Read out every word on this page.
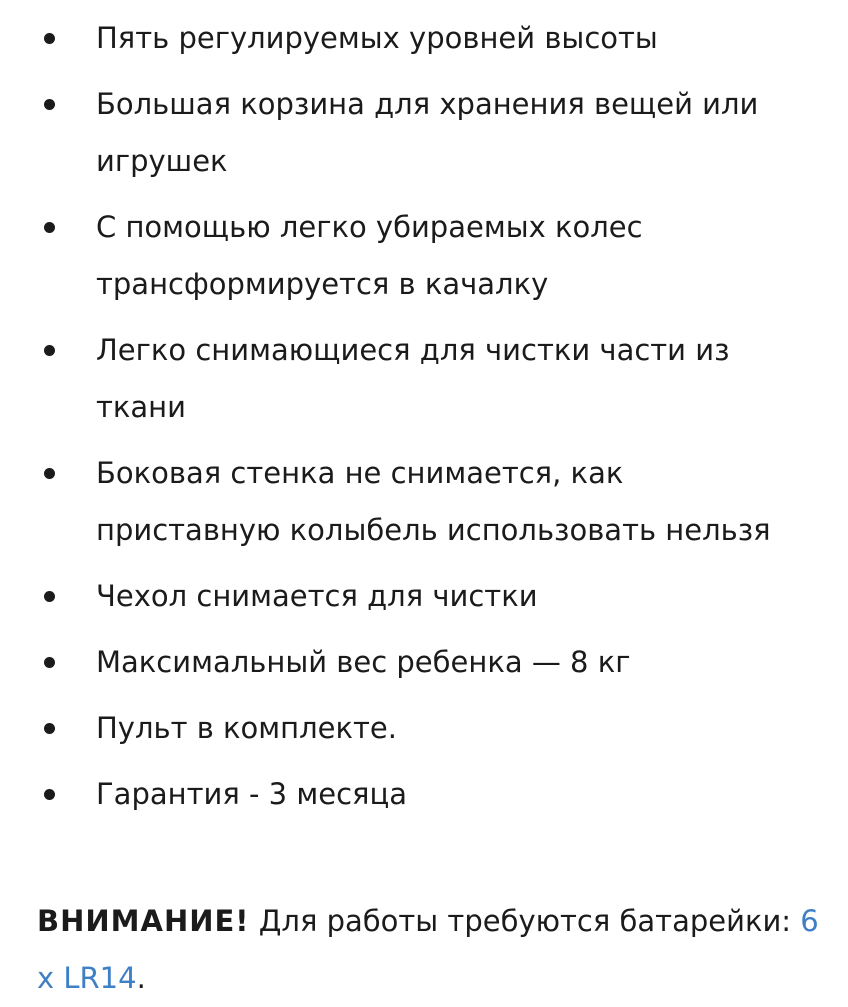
Пять регулируемых уровней высоты
Большая корзина для хранения вещей или игрушек
С помощью легко убираемых колес трансформируется в качалку
Легко снимающиеся для чистки части из ткани
Боковая стенка не снимается, как приставную колыбель использовать нельзя
Чехол снимается для чистки
Максимальный вес ребенка — 8 кг
Пульт в комплекте.
Гарантия - 3 месяца

ВНИМАНИЕ! Для работы требуются батарейки: 6 x LR14.
